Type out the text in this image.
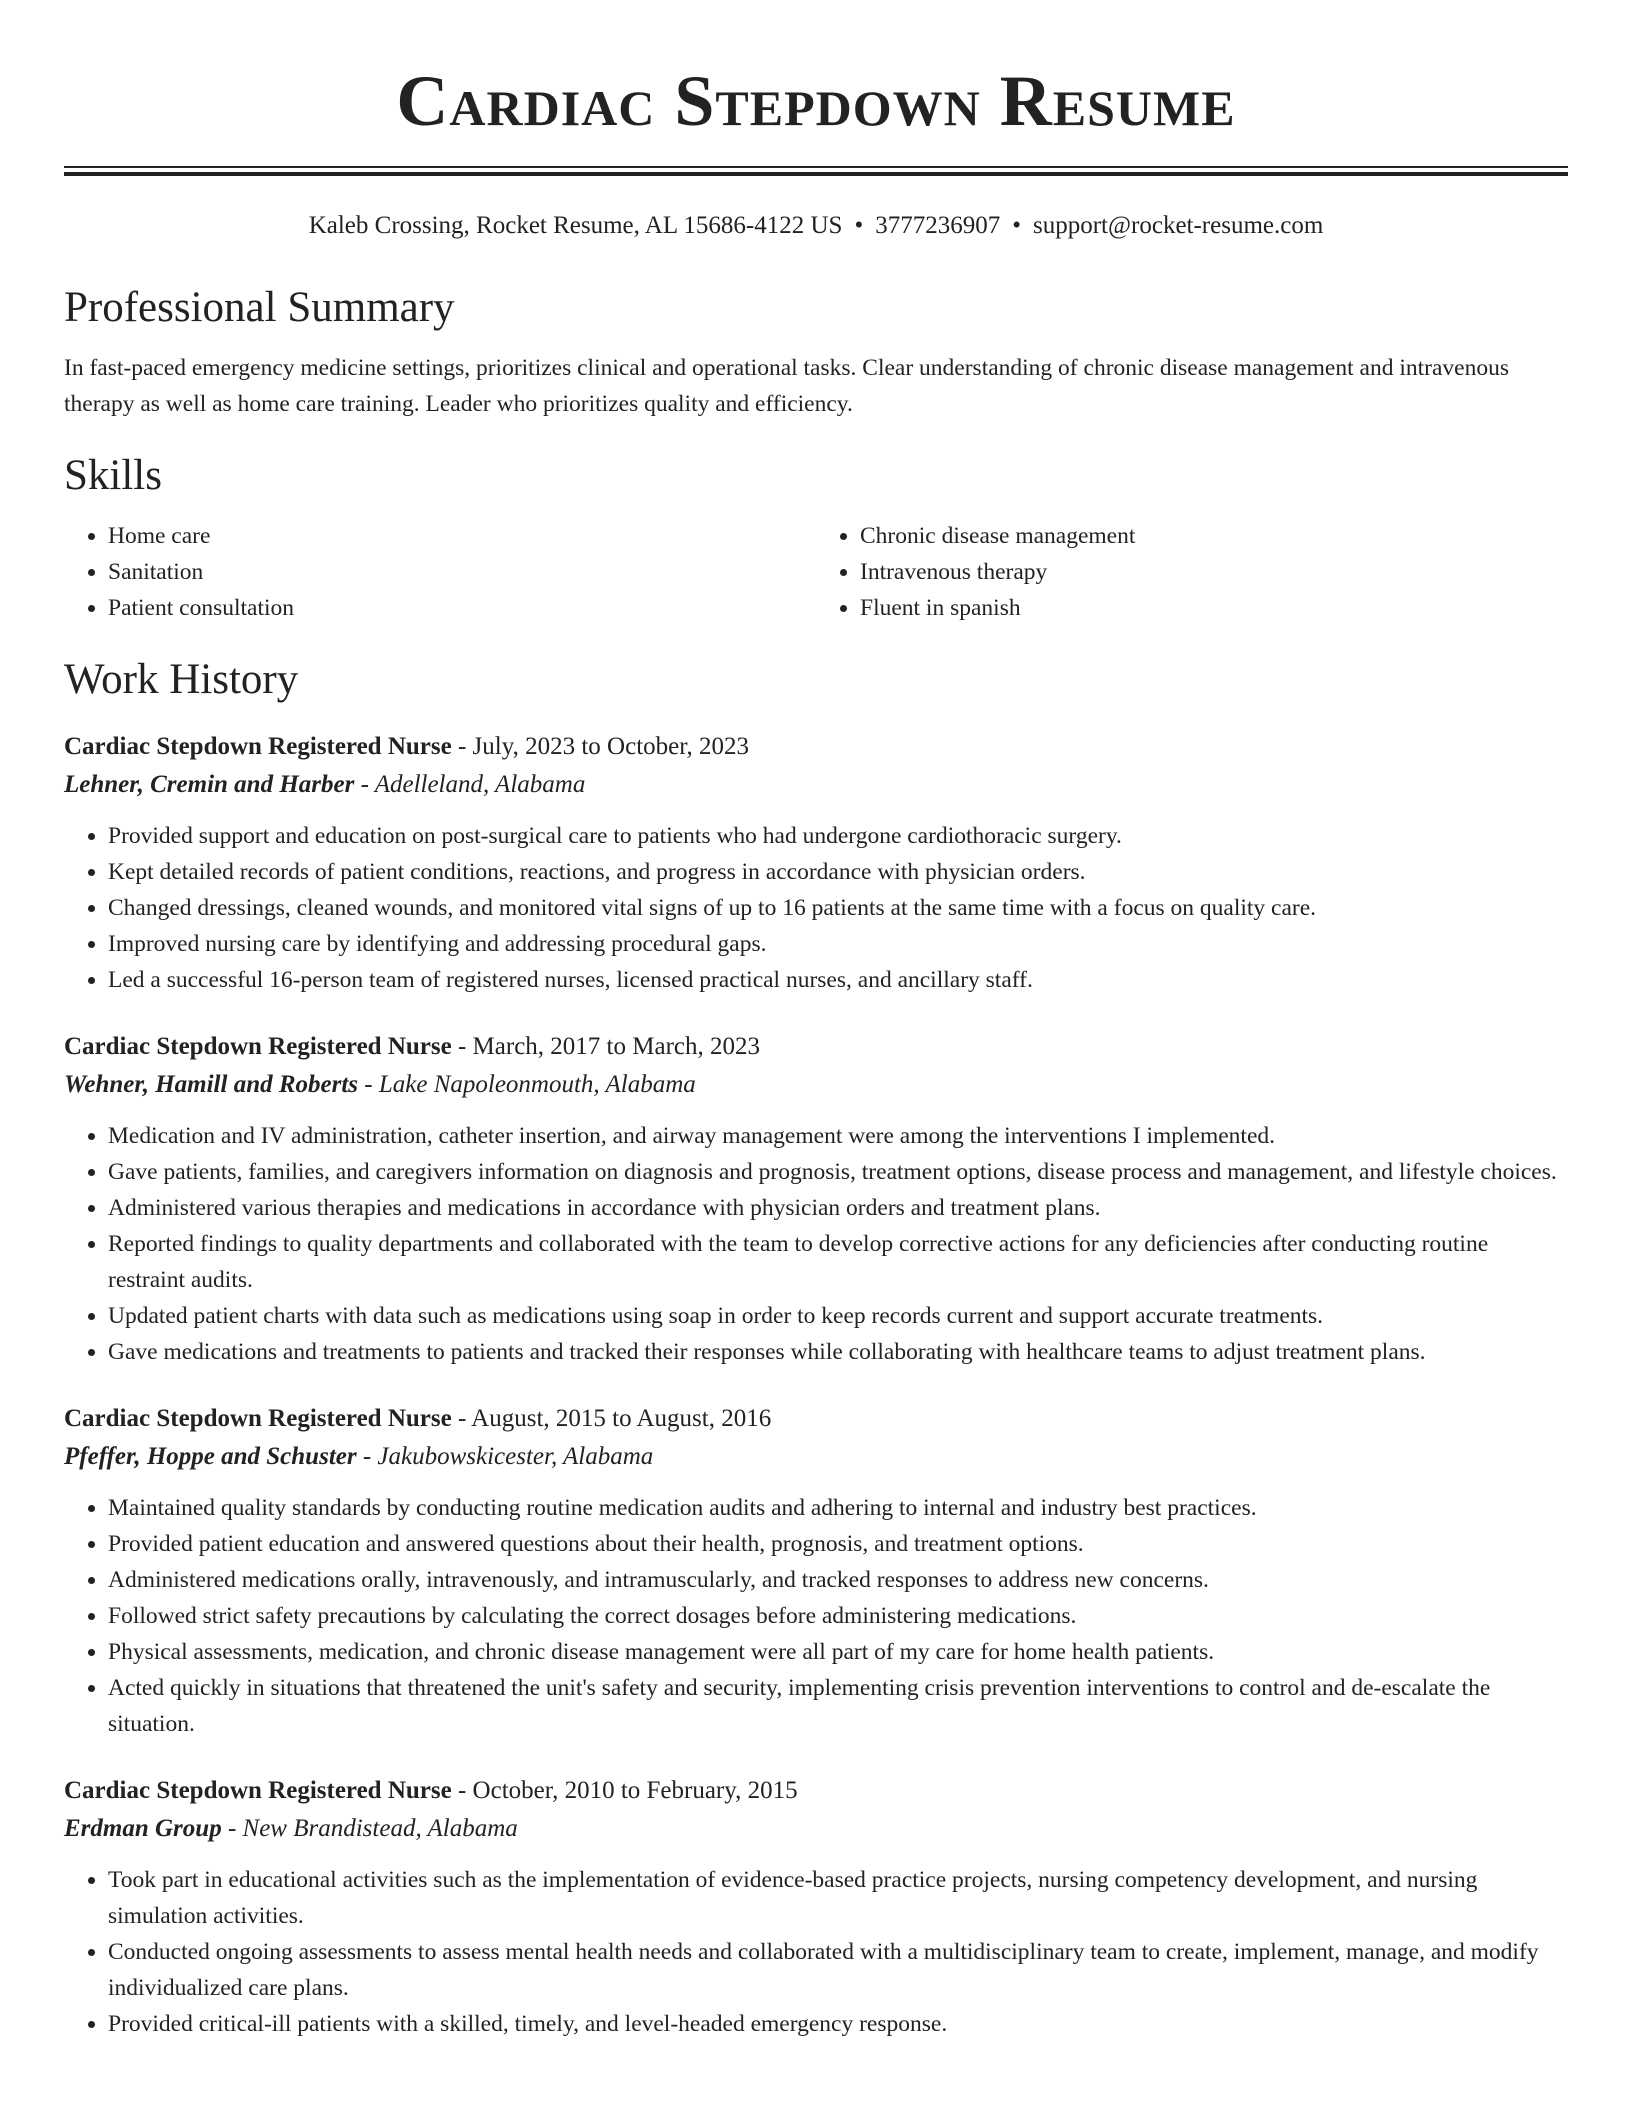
Cardiac Stepdown Resume
Kaleb Crossing, Rocket Resume, AL 15686-4122 US • 3777236907 • support@rocket-resume.com
Professional Summary

In fast-paced emergency medicine settings, prioritizes clinical and operational tasks. Clear understanding of chronic disease management and intravenous therapy as well as home care training. Leader who prioritizes quality and efficiency.

Skills
• Home care
• Sanitation
• Patient consultation
• Chronic disease management
• Intravenous therapy
• Fluent in spanish
Work History
Cardiac Stepdown Registered Nurse - July, 2023 to October, 2023
Lehner, Cremin and Harber - Adelleland, Alabama
• Provided support and education on post-surgical care to patients who had undergone cardiothoracic surgery.
• Kept detailed records of patient conditions, reactions, and progress in accordance with physician orders.
• Changed dressings, cleaned wounds, and monitored vital signs of up to 16 patients at the same time with a focus on quality care.
• Improved nursing care by identifying and addressing procedural gaps.
• Led a successful 16-person team of registered nurses, licensed practical nurses, and ancillary staff.
Cardiac Stepdown Registered Nurse - March, 2017 to March, 2023
Wehner, Hamill and Roberts - Lake Napoleonmouth, Alabama
• Medication and IV administration, catheter insertion, and airway management were among the interventions I implemented.
• Gave patients, families, and caregivers information on diagnosis and prognosis, treatment options, disease process and management, and lifestyle choices.
• Administered various therapies and medications in accordance with physician orders and treatment plans.
• Reported findings to quality departments and collaborated with the team to develop corrective actions for any deficiencies after conducting routine restraint audits.
• Updated patient charts with data such as medications using soap in order to keep records current and support accurate treatments.
• Gave medications and treatments to patients and tracked their responses while collaborating with healthcare teams to adjust treatment plans.
Cardiac Stepdown Registered Nurse - August, 2015 to August, 2016
Pfeffer, Hoppe and Schuster - Jakubowskicester, Alabama
• Maintained quality standards by conducting routine medication audits and adhering to internal and industry best practices.
• Provided patient education and answered questions about their health, prognosis, and treatment options.
• Administered medications orally, intravenously, and intramuscularly, and tracked responses to address new concerns.
• Followed strict safety precautions by calculating the correct dosages before administering medications.
• Physical assessments, medication, and chronic disease management were all part of my care for home health patients.
• Acted quickly in situations that threatened the unit's safety and security, implementing crisis prevention interventions to control and de-escalate the situation.
Cardiac Stepdown Registered Nurse - October, 2010 to February, 2015
Erdman Group - New Brandistead, Alabama
• Took part in educational activities such as the implementation of evidence-based practice projects, nursing competency development, and nursing simulation activities.
• Conducted ongoing assessments to assess mental health needs and collaborated with a multidisciplinary team to create, implement, manage, and modify individualized care plans.
• Provided critical-ill patients with a skilled, timely, and level-headed emergency response.
